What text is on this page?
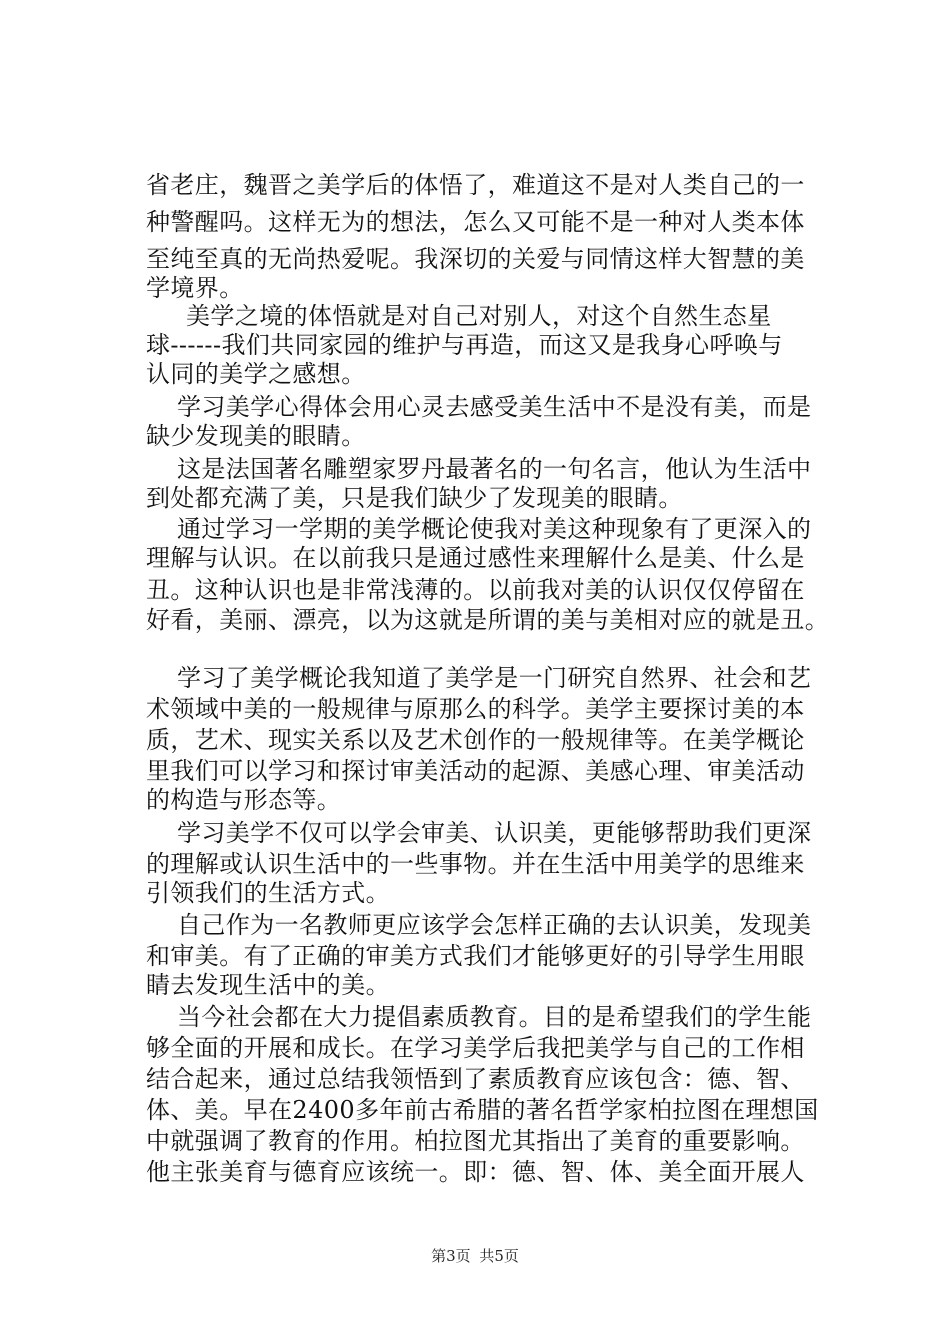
省老庄，魏晋之美学后的体悟了，难道这不是对人类自己的一
种警醒吗。这样无为的想法，怎么又可能不是一种对人类本体
至纯至真的无尚热爱呢。我深切的关爱与同情这样大智慧的美
学境界。
美学之境的体悟就是对自己对别人，对这个自然生态星
球------我们共同家园的维护与再造，而这又是我身心呼唤与
认同的美学之感想。
学习美学心得体会用心灵去感受美生活中不是没有美，而是
缺少发现美的眼睛。
这是法国著名雕塑家罗丹最著名的一句名言，他认为生活中
到处都充满了美，只是我们缺少了发现美的眼睛。
通过学习一学期的美学概论使我对美这种现象有了更深入的
理解与认识。在以前我只是通过感性来理解什么是美、什么是
丑。这种认识也是非常浅薄的。以前我对美的认识仅仅停留在
好看，美丽、漂亮，以为这就是所谓的美与美相对应的就是丑。
学习了美学概论我知道了美学是一门研究自然界、社会和艺
术领域中美的一般规律与原那么的科学。美学主要探讨美的本
质，艺术、现实关系以及艺术创作的一般规律等。在美学概论
里我们可以学习和探讨审美活动的起源、美感心理、审美活动
的构造与形态等。
学习美学不仅可以学会审美、认识美，更能够帮助我们更深
的理解或认识生活中的一些事物。并在生活中用美学的思维来
引领我们的生活方式。
自己作为一名教师更应该学会怎样正确的去认识美，发现美
和审美。有了正确的审美方式我们才能够更好的引导学生用眼
睛去发现生活中的美。
当今社会都在大力提倡素质教育。目的是希望我们的学生能
够全面的开展和成长。在学习美学后我把美学与自己的工作相
结合起来，通过总结我领悟到了素质教育应该包含：德、智、
体、美。早在2400多年前古希腊的著名哲学家柏拉图在理想国
中就强调了教育的作用。柏拉图尤其指出了美育的重要影响。
他主张美育与德育应该统一。即：德、智、体、美全面开展人
第3页 共5页
